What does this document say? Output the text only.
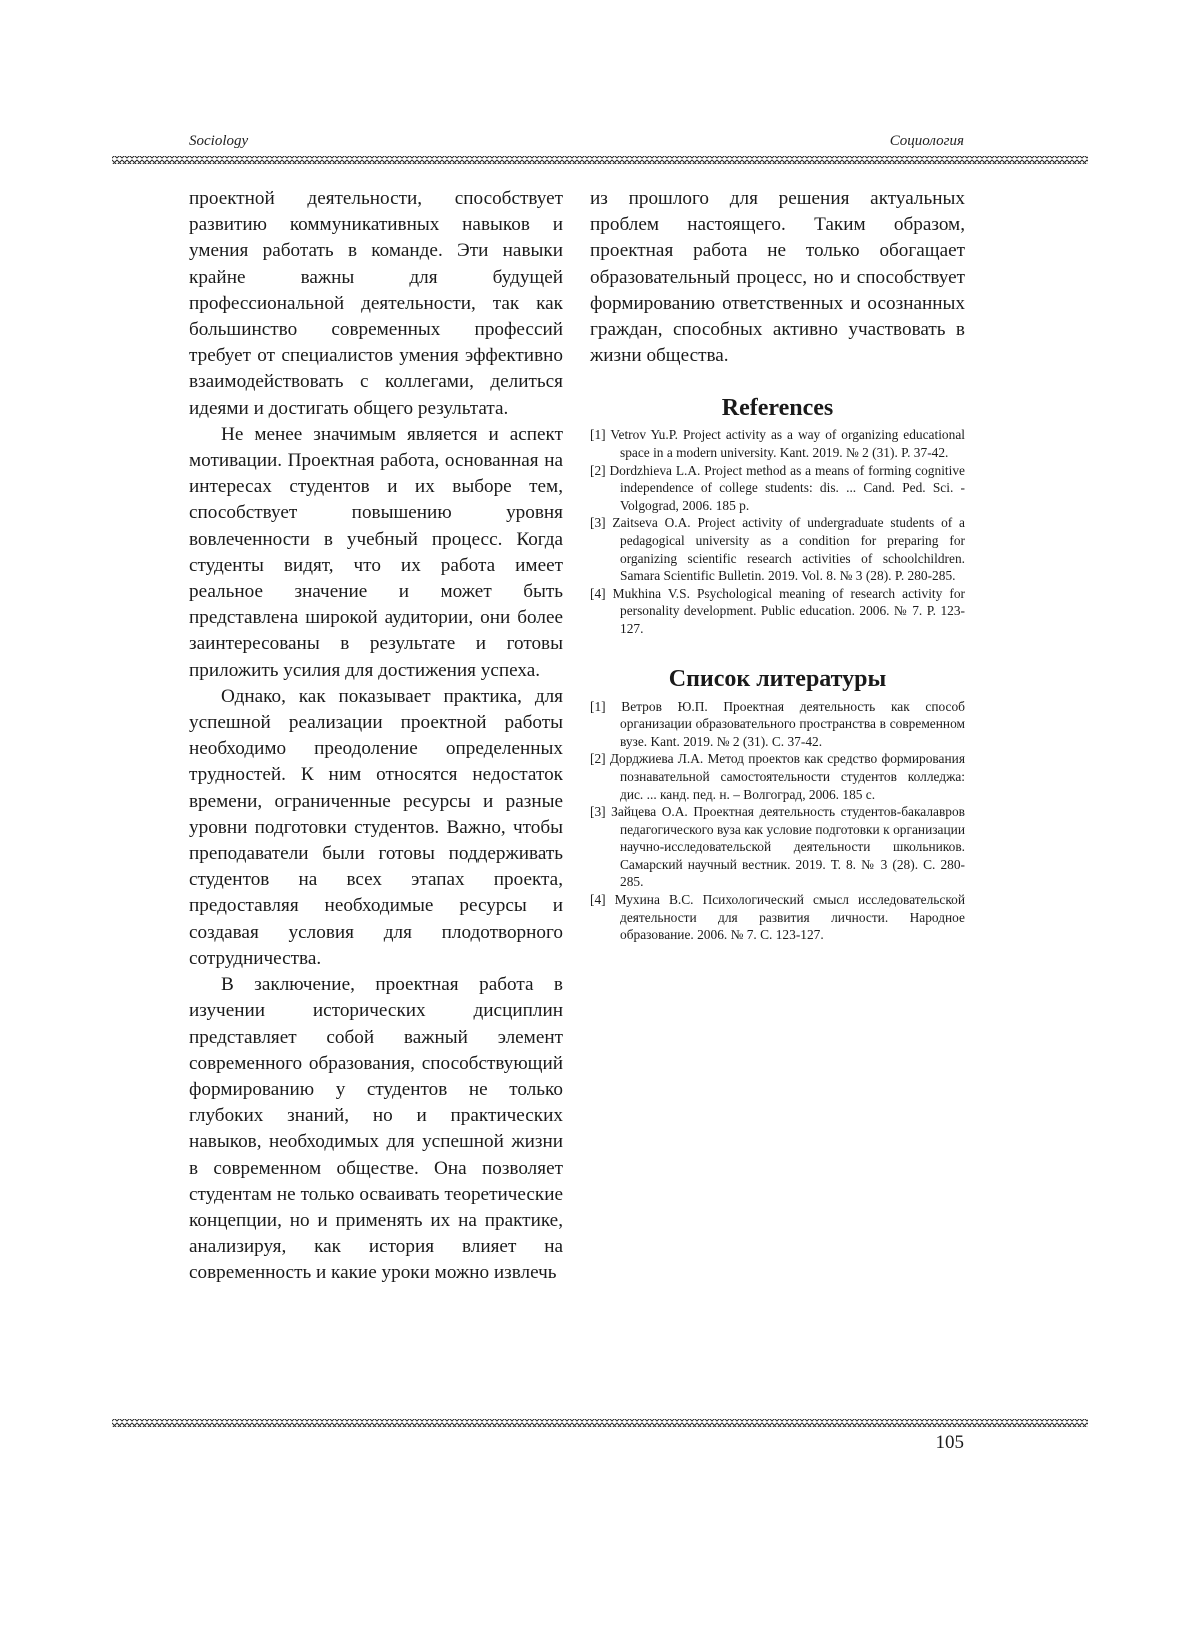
Sociology	Социология

проектной деятельности, способствует развитию коммуникативных навыков и умения работать в команде. Эти навыки крайне важны для будущей профессиональной деятельности, так как большинство современных профессий требует от специалистов умения эффективно взаимодействовать с коллегами, делиться идеями и достигать общего результата.

Не менее значимым является и аспект мотивации. Проектная работа, основанная на интересах студентов и их выборе тем, способствует повышению уровня вовлеченности в учебный процесс. Когда студенты видят, что их работа имеет реальное значение и может быть представлена широкой аудитории, они более заинтересованы в результате и готовы приложить усилия для достижения успеха.

Однако, как показывает практика, для успешной реализации проектной работы необходимо преодоление определенных трудностей. К ним относятся недостаток времени, ограниченные ресурсы и разные уровни подготовки студентов. Важно, чтобы преподаватели были готовы поддерживать студентов на всех этапах проекта, предоставляя необходимые ресурсы и создавая условия для плодотворного сотрудничества.

В заключение, проектная работа в изучении исторических дисциплин представляет собой важный элемент современного образования, способствующий формированию у студентов не только глубоких знаний, но и практических навыков, необходимых для успешной жизни в современном обществе. Она позволяет студентам не только осваивать теоретические концепции, но и применять их на практике, анализируя, как история влияет на современность и какие уроки можно извлечь

из прошлого для решения актуальных проблем настоящего. Таким образом, проектная работа не только обогащает образовательный процесс, но и способствует формированию ответственных и осознанных граждан, способных активно участвовать в жизни общества.

References
[1] Vetrov Yu.P. Project activity as a way of organizing educational space in a modern university. Kant. 2019. № 2 (31). P. 37-42.
[2] Dordzhieva L.A. Project method as a means of forming cognitive independence of college students: dis. ... Cand. Ped. Sci. - Volgograd, 2006. 185 p.
[3] Zaitseva O.A. Project activity of undergraduate students of a pedagogical university as a condition for preparing for organizing scientific research activities of schoolchildren. Samara Scientific Bulletin. 2019. Vol. 8. № 3 (28). P. 280-285.
[4] Mukhina V.S. Psychological meaning of research activity for personality development. Public education. 2006. № 7. P. 123-127.
Список литературы
[1] Ветров Ю.П. Проектная деятельность как способ организации образовательного пространства в современном вузе. Kant. 2019. № 2 (31). С. 37-42.
[2] Дорджиева Л.А. Метод проектов как средство формирования познавательной самостоятельности студентов колледжа: дис. ... канд. пед. н. – Волгоград, 2006. 185 с.
[3] Зайцева О.А. Проектная деятельность студентов-бакалавров педагогического вуза как условие подготовки к организации научно-исследовательской деятельности школьников. Самарский научный вестник. 2019. Т. 8. № 3 (28). С. 280-285.
[4] Мухина В.С. Психологический смысл исследовательской деятельности для развития личности. Народное образование. 2006. № 7. С. 123-127.
105
